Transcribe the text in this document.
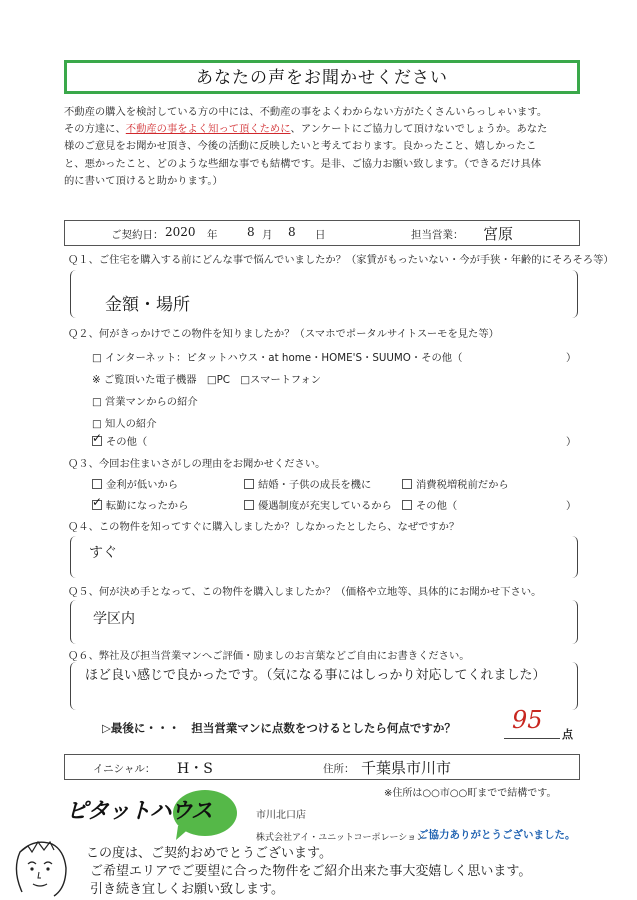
あなたの声をお聞かせください
不動産の購入を検討している方の中には、不動産の事をよくわからない方がたくさんいらっしゃいます。
その方達に、不動産の事をよく知って頂くために、アンケートにご協力して頂けないでしょうか。あなた
様のご意見をお聞かせ頂き、今後の活動に反映したいと考えております。良かったこと、嬉しかったこ
と、悪かったこと、どのような些細な事でも結構です。是非、ご協力お願い致します。（できるだけ具体
的に書いて頂けると助かります。）
ご契約日： 2020 年 8 月 8 日	担当営業： 宮原
Ｑ１、ご住宅を購入する前にどんな事で悩んでいましたか？（家賃がもったいない・今が手狭・年齢的にそろそろ等）
金額・場所
Ｑ２、何がきっかけでこの物件を知りましたか？（スマホでポータルサイトスーモを見た等）
□ インターネット：ピタットハウス・at home・HOME'S・SUUMO・その他（	）
※ ご覧頂いた電子機器　□PC　□スマートフォン
□ 営業マンからの紹介
□ 知人の紹介
✓ その他（	）
Ｑ３、今回お住まいさがしの理由をお聞かせください。
金利が低いから	結婚・子供の成長を機に	消費税増税前だから
✓ 転勤になったから	優遇制度が充実しているから	その他（	）
Ｑ４、この物件を知ってすぐに購入しましたか？しなかったとしたら、なぜですか？
すぐ
Ｑ５、何が決め手となって、この物件を購入しましたか？（価格や立地等、具体的にお聞かせ下さい。
学区内
Ｑ６、弊社及び担当営業マンへご評価・励ましのお言葉などご自由にお書きください。
ほど良い感じで良かったです。（気になる事にはしっかり対応してくれました）
▷最後に・・・　担当営業マンに点数をつけるとしたら何点ですか？ 95
点
イニシャル： H・S	住所： 千葉県市川市
※住所は○○市○○町までで結構です。
ピタットハウス	市川北口店
株式会社アイ・ユニットコーポレーション
ご協力ありがとうございました。
この度は、ご契約おめでとうございます。
ご希望エリアでご要望に合った物件をご紹介出来た事大変嬉しく思います。
引き続き宜しくお願い致します。
